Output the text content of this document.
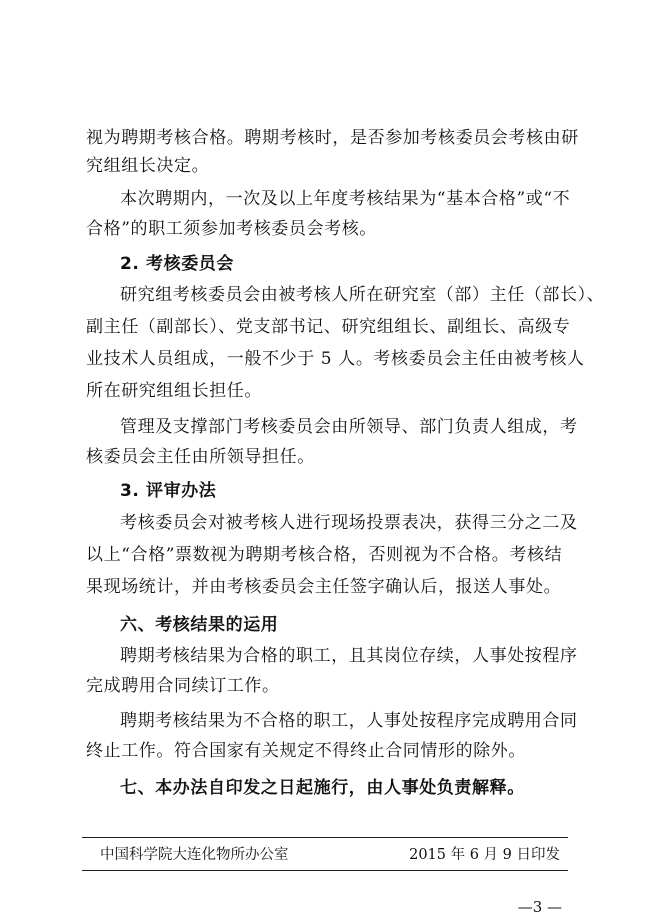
视为聘期考核合格。聘期考核时，是否参加考核委员会考核由研
究组组长决定。
本次聘期内，一次及以上年度考核结果为“基本合格”或“不
合格”的职工须参加考核委员会考核。
2. 考核委员会
研究组考核委员会由被考核人所在研究室（部）主任（部长）、
副主任（副部长）、党支部书记、研究组组长、副组长、高级专
业技术人员组成，一般不少于 5 人。考核委员会主任由被考核人
所在研究组组长担任。
管理及支撑部门考核委员会由所领导、部门负责人组成，考
核委员会主任由所领导担任。
3. 评审办法
考核委员会对被考核人进行现场投票表决，获得三分之二及
以上“合格”票数视为聘期考核合格，否则视为不合格。考核结
果现场统计，并由考核委员会主任签字确认后，报送人事处。
六、考核结果的运用
聘期考核结果为合格的职工，且其岗位存续，人事处按程序
完成聘用合同续订工作。
聘期考核结果为不合格的职工，人事处按程序完成聘用合同
终止工作。符合国家有关规定不得终止合同情形的除外。
七、本办法自印发之日起施行，由人事处负责解释。
中国科学院大连化物所办公室	2015 年 6 月 9 日印发
—3 —
